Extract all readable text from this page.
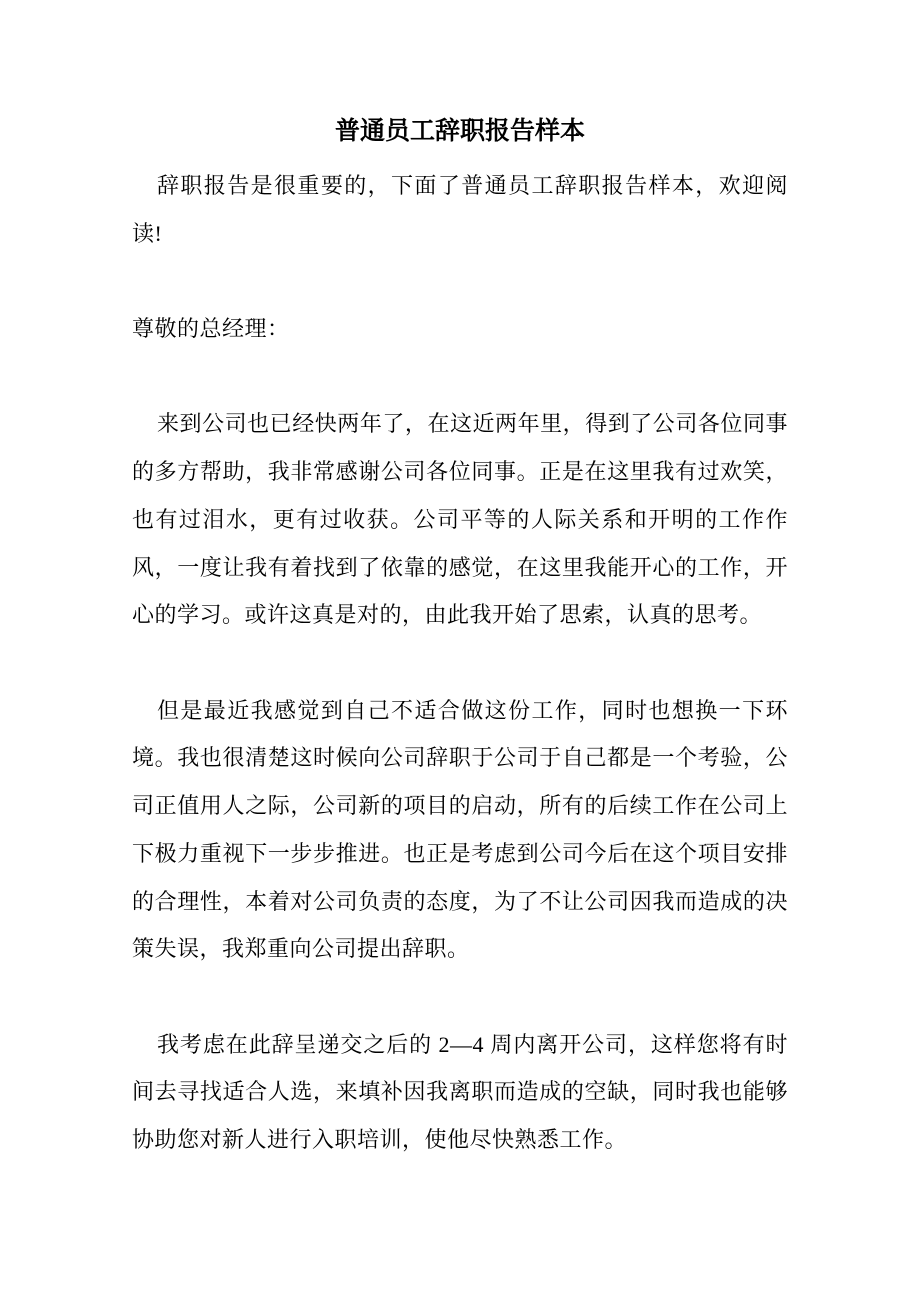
普通员工辞职报告样本

辞职报告是很重要的，下面了普通员工辞职报告样本，欢迎阅读!

尊敬的总经理：

来到公司也已经快两年了，在这近两年里，得到了公司各位同事的多方帮助，我非常感谢公司各位同事。正是在这里我有过欢笑，也有过泪水，更有过收获。公司平等的人际关系和开明的工作作风，一度让我有着找到了依靠的感觉，在这里我能开心的工作，开心的学习。或许这真是对的，由此我开始了思索，认真的思考。

但是最近我感觉到自己不适合做这份工作，同时也想换一下环境。我也很清楚这时候向公司辞职于公司于自己都是一个考验，公司正值用人之际，公司新的项目的启动，所有的后续工作在公司上下极力重视下一步步推进。也正是考虑到公司今后在这个项目安排的合理性，本着对公司负责的态度，为了不让公司因我而造成的决策失误，我郑重向公司提出辞职。

我考虑在此辞呈递交之后的 2—4 周内离开公司，这样您将有时间去寻找适合人选，来填补因我离职而造成的空缺，同时我也能够协助您对新人进行入职培训，使他尽快熟悉工作。
